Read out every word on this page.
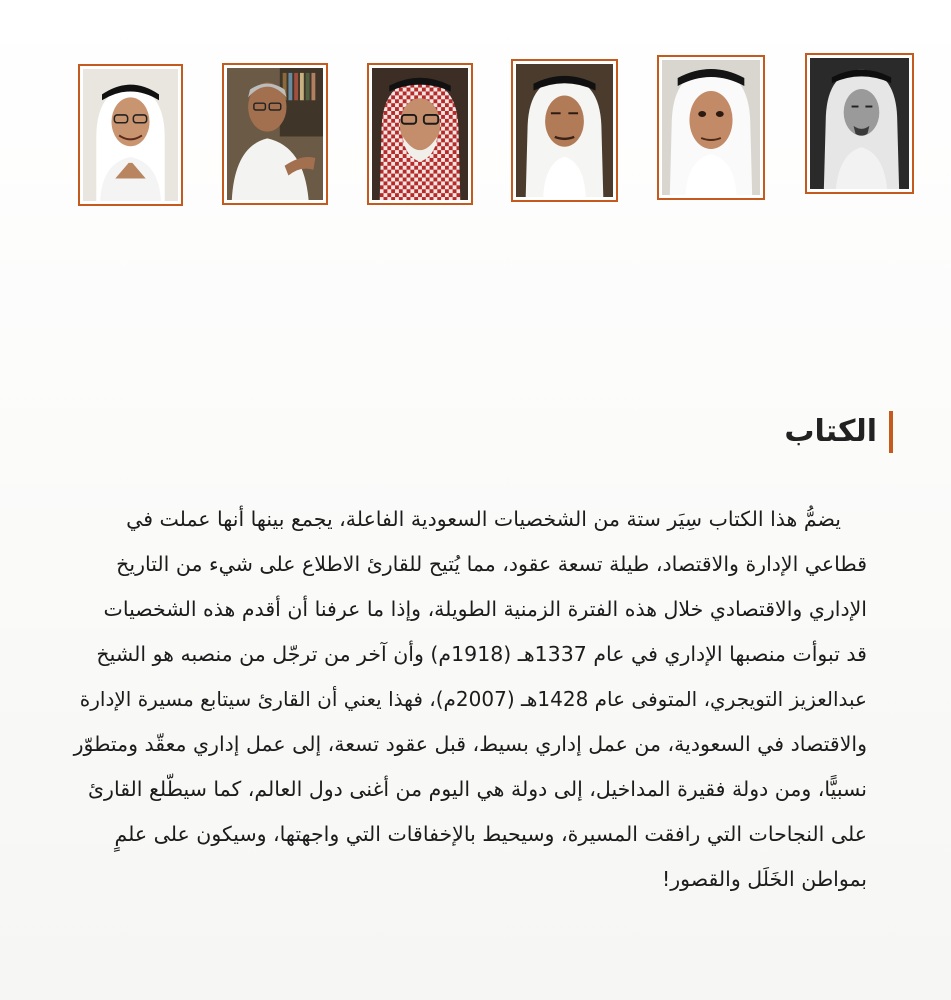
الكتاب
يضمُّ هذا الكتاب سِيَر ستة من الشخصيات السعودية الفاعلة، يجمع بينها أنها عملت في
قطاعي الإدارة والاقتصاد، طيلة تسعة عقود، مما يُتيح للقارئ الاطلاع على شيء من التاريخ
الإداري والاقتصادي خلال هذه الفترة الزمنية الطويلة، وإذا ما عرفنا أن أقدم هذه الشخصيات
قد تبوأت منصبها الإداري في عام 1337هـ (1918م) وأن آخر من ترجّل من منصبه هو الشيخ
عبدالعزيز التويجري، المتوفى عام 1428هـ (2007م)، فهذا يعني أن القارئ سيتابع مسيرة الإدارة
والاقتصاد في السعودية، من عمل إداري بسيط، قبل عقود تسعة، إلى عمل إداري معقّد ومتطوّر
نسبيًّا، ومن دولة فقيرة المداخيل، إلى دولة هي اليوم من أغنى دول العالم، كما سيطّلع القارئ
على النجاحات التي رافقت المسيرة، وسيحيط بالإخفاقات التي واجهتها، وسيكون على علمٍ
بمواطن الخَلَل والقصور!
